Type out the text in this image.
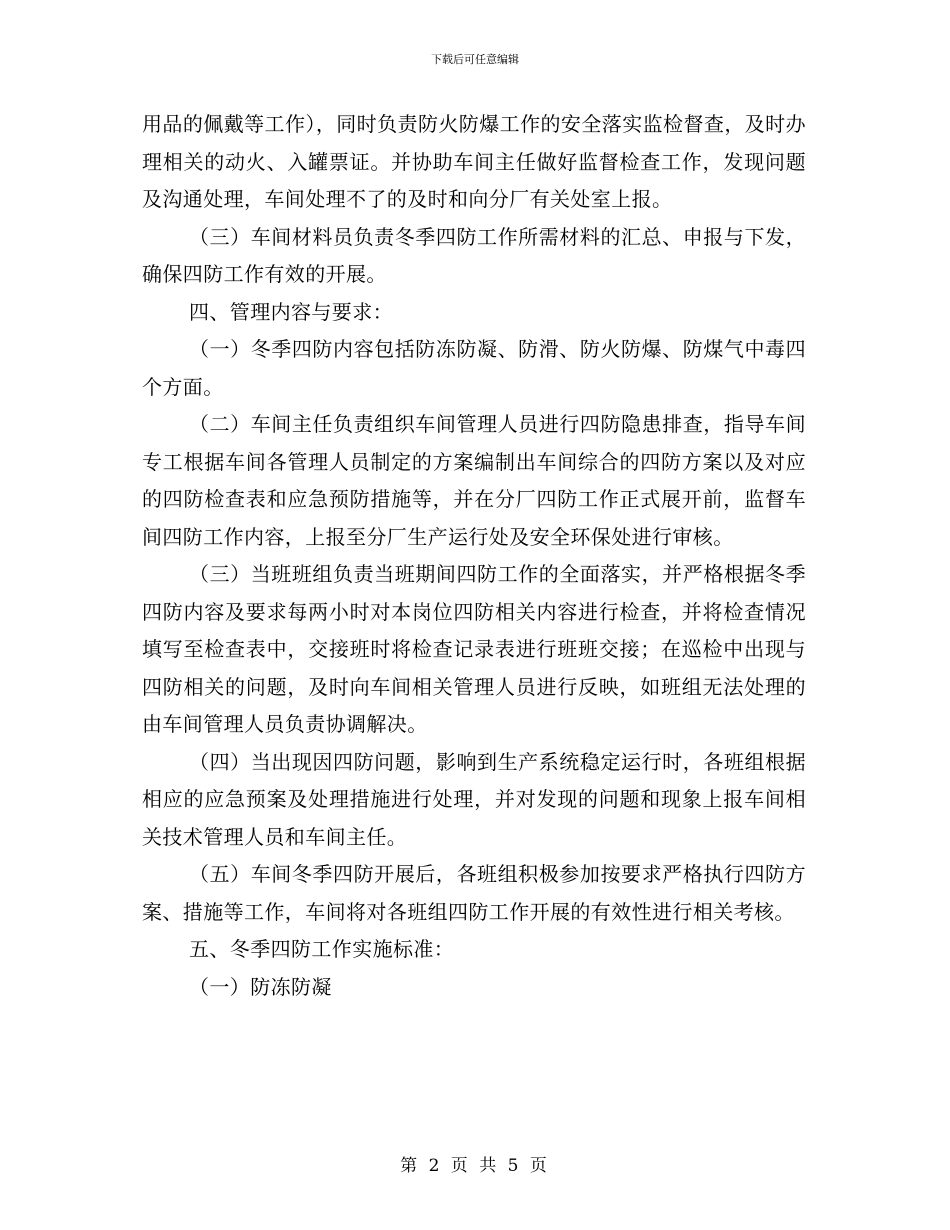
下载后可任意编辑

用品的佩戴等工作），同时负责防火防爆工作的安全落实监检督查，及时办理相关的动火、入罐票证。并协助车间主任做好监督检查工作，发现问题及沟通处理，车间处理不了的及时和向分厂有关处室上报。

（三）车间材料员负责冬季四防工作所需材料的汇总、申报与下发，确保四防工作有效的开展。

四、管理内容与要求：

（一）冬季四防内容包括防冻防凝、防滑、防火防爆、防煤气中毒四个方面。

（二）车间主任负责组织车间管理人员进行四防隐患排查，指导车间专工根据车间各管理人员制定的方案编制出车间综合的四防方案以及对应的四防检查表和应急预防措施等，并在分厂四防工作正式展开前，监督车间四防工作内容，上报至分厂生产运行处及安全环保处进行审核。

（三）当班班组负责当班期间四防工作的全面落实，并严格根据冬季四防内容及要求每两小时对本岗位四防相关内容进行检查，并将检查情况填写至检查表中，交接班时将检查记录表进行班班交接；在巡检中出现与四防相关的问题，及时向车间相关管理人员进行反映，如班组无法处理的由车间管理人员负责协调解决。

（四）当出现因四防问题，影响到生产系统稳定运行时，各班组根据相应的应急预案及处理措施进行处理，并对发现的问题和现象上报车间相关技术管理人员和车间主任。

（五）车间冬季四防开展后，各班组积极参加按要求严格执行四防方案、措施等工作，车间将对各班组四防工作开展的有效性进行相关考核。

五、冬季四防工作实施标准：

（一）防冻防凝

第 2 页 共 5 页
